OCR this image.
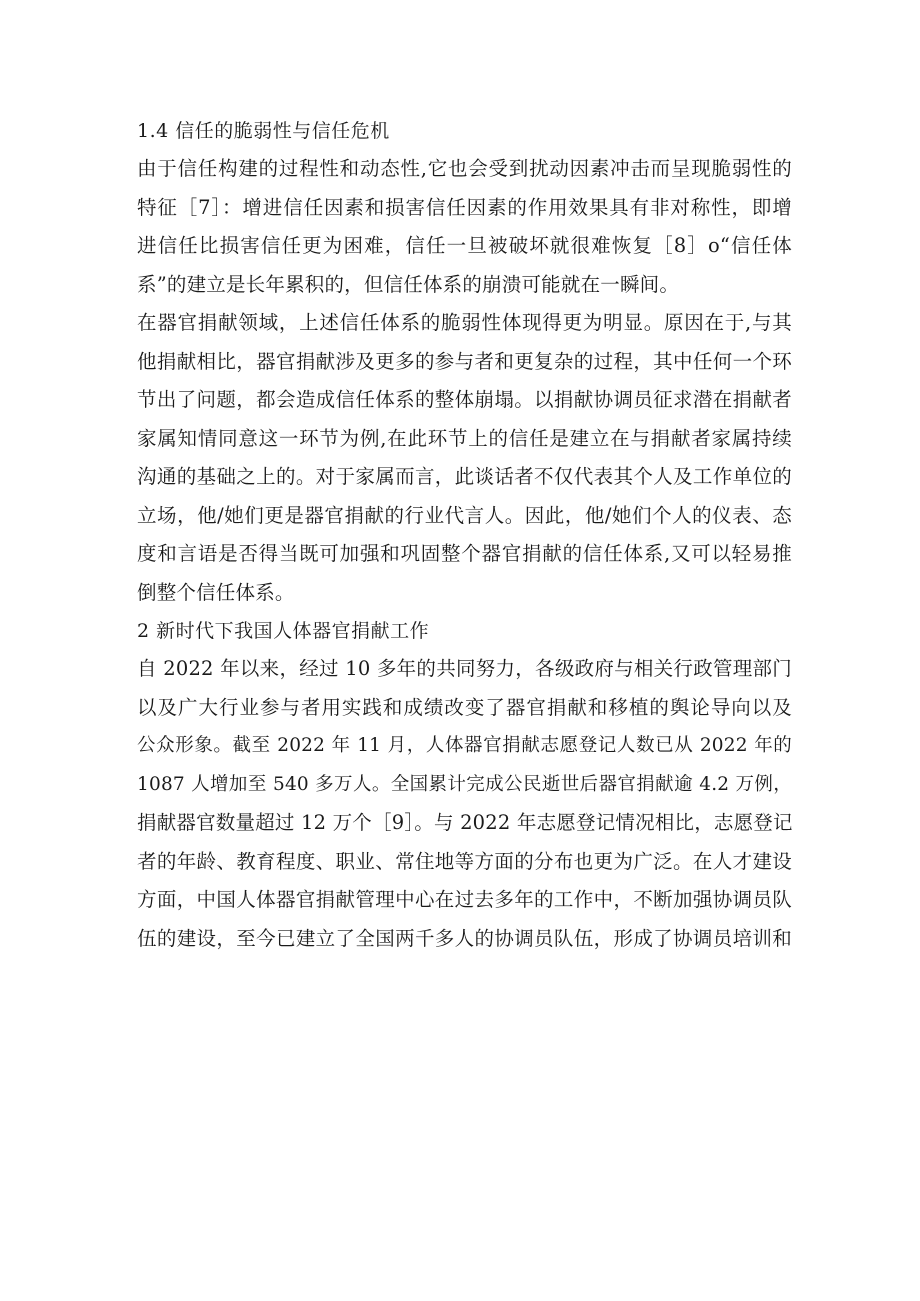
1.4 信任的脆弱性与信任危机
由于信任构建的过程性和动态性,它也会受到扰动因素冲击而呈现脆弱性的
特征［7］：增进信任因素和损害信任因素的作用效果具有非对称性，即增
进信任比损害信任更为困难，信任一旦被破坏就很难恢复［8］o“信任体
系”的建立是长年累积的，但信任体系的崩溃可能就在一瞬间。
在器官捐献领域，上述信任体系的脆弱性体现得更为明显。原因在于,与其
他捐献相比，器官捐献涉及更多的参与者和更复杂的过程，其中任何一个环
节出了问题，都会造成信任体系的整体崩塌。以捐献协调员征求潜在捐献者
家属知情同意这一环节为例,在此环节上的信任是建立在与捐献者家属持续
沟通的基础之上的。对于家属而言，此谈话者不仅代表其个人及工作单位的
立场，他/她们更是器官捐献的行业代言人。因此，他/她们个人的仪表、态
度和言语是否得当既可加强和巩固整个器官捐献的信任体系,又可以轻易推
倒整个信任体系。
2 新时代下我国人体器官捐献工作
自 2022 年以来，经过 10 多年的共同努力，各级政府与相关行政管理部门
以及广大行业参与者用实践和成绩改变了器官捐献和移植的舆论导向以及
公众形象。截至 2022 年 11 月，人体器官捐献志愿登记人数已从 2022 年的
1087 人增加至 540 多万人。全国累计完成公民逝世后器官捐献逾 4.2 万例，
捐献器官数量超过 12 万个［9］。与 2022 年志愿登记情况相比，志愿登记
者的年龄、教育程度、职业、常住地等方面的分布也更为广泛。在人才建设
方面，中国人体器官捐献管理中心在过去多年的工作中，不断加强协调员队
伍的建设，至今已建立了全国两千多人的协调员队伍，形成了协调员培训和
